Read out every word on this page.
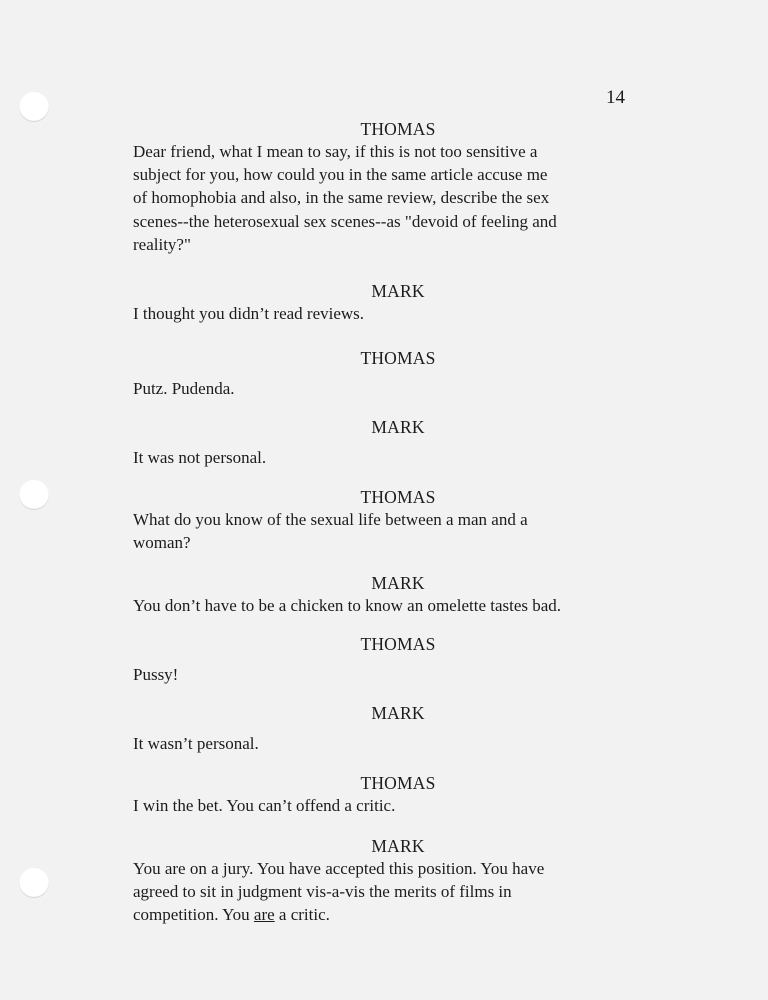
14
THOMAS
Dear friend, what I mean to say, if this is not too sensitive a
subject for you, how could you in the same article accuse me
of homophobia and also, in the same review, describe the sex
scenes--the heterosexual sex scenes--as "devoid of feeling and
reality?"
MARK
I thought you didn’t read reviews.
THOMAS
Putz. Pudenda.
MARK
It was not personal.
THOMAS
What do you know of the sexual life between a man and a
woman?
MARK
You don’t have to be a chicken to know an omelette tastes bad.
THOMAS
Pussy!
MARK
It wasn’t personal.
THOMAS
I win the bet. You can’t offend a critic.
MARK
You are on a jury. You have accepted this position. You have
agreed to sit in judgment vis-a-vis the merits of films in
competition. You are a critic.
